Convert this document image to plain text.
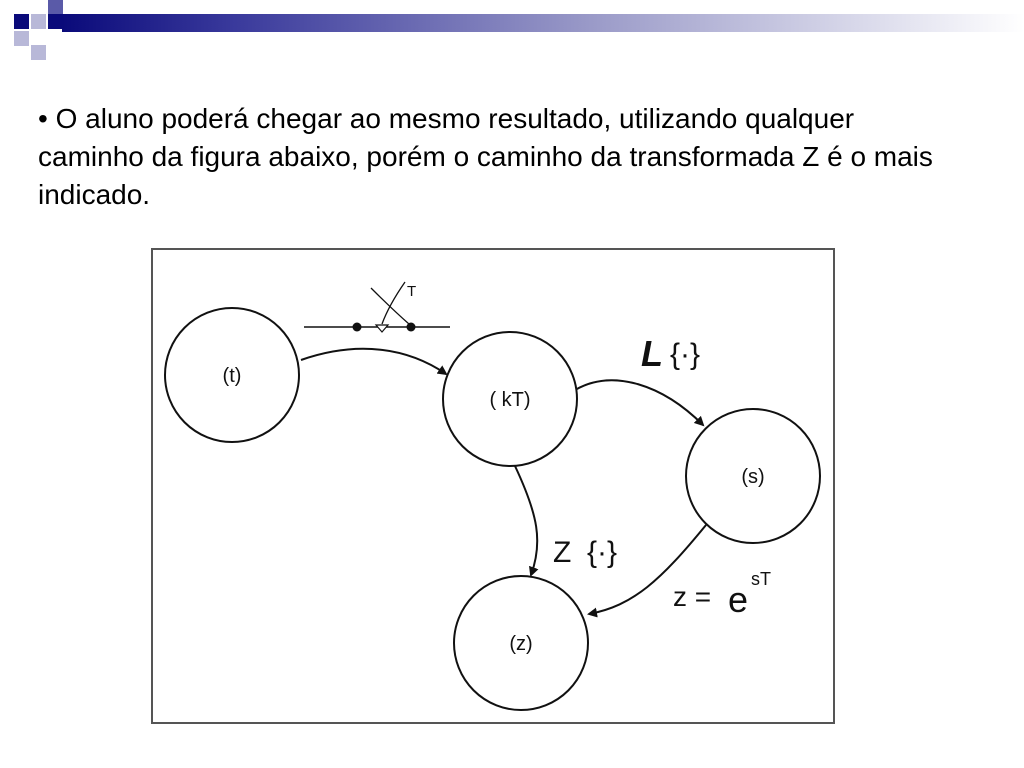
• O aluno poderá chegar ao mesmo resultado, utilizando qualquer caminho da figura abaixo, porém o caminho da transformada Z é o mais indicado.
T
(t)
( kT)
(s)
(z)
L {·}
Z {·}
z = e sT
